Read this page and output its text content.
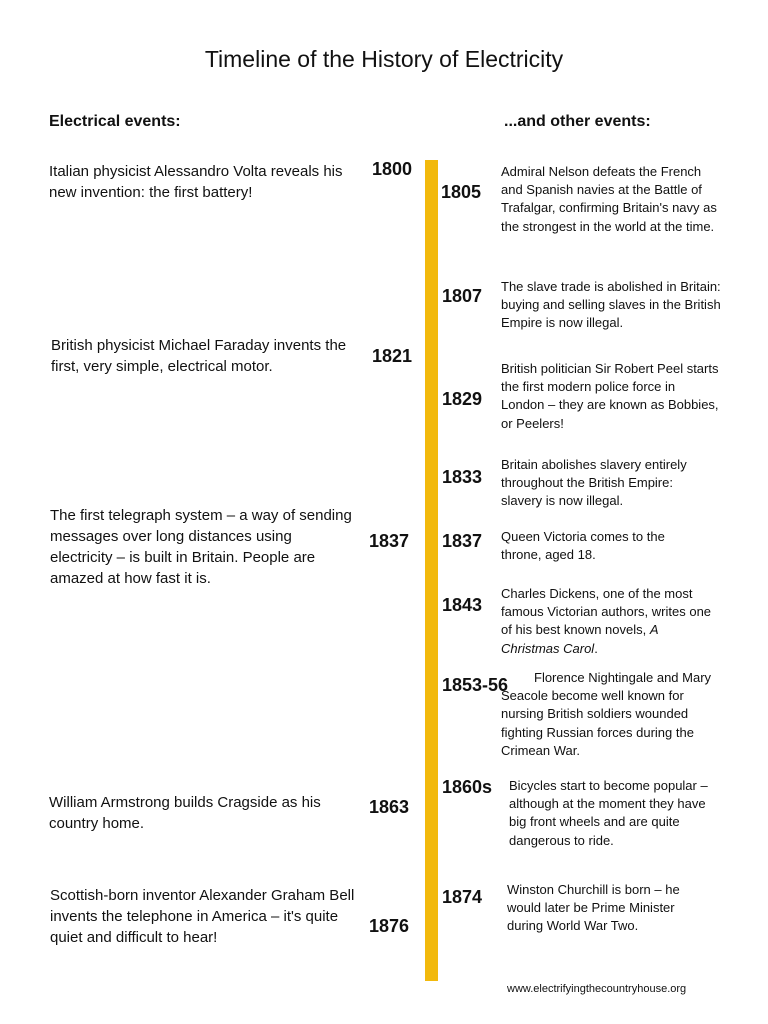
Timeline of the History of Electricity
Electrical events:	...and other events:
Italian physicist Alessandro Volta reveals his new invention: the first battery!
1800
British physicist Michael Faraday invents the first, very simple, electrical motor.
1821
The first telegraph system – a way of sending messages over long distances using electricity – is built in Britain. People are amazed at how fast it is.
1837
William Armstrong builds Cragside as his country home.
1863
Scottish-born inventor Alexander Graham Bell invents the telephone in America – it's quite quiet and difficult to hear!
1876
1805
Admiral Nelson defeats the French and Spanish navies at the Battle of Trafalgar, confirming Britain's navy as the strongest in the world at the time.
1807 The slave trade is abolished in Britain: buying and selling slaves in the British Empire is now illegal.
1829
British politician Sir Robert Peel starts the first modern police force in London – they are known as Bobbies, or Peelers!
1833
Britain abolishes slavery entirely throughout the British Empire: slavery is now illegal.
1837 Queen Victoria comes to the throne, aged 18.
1843
Charles Dickens, one of the most famous Victorian authors, writes one of his best known novels, A Christmas Carol.
1853-56	Florence Nightingale and Mary Seacole become well known for nursing British soldiers wounded fighting Russian forces during the Crimean War.
1860s Bicycles start to become popular – although at the moment they have big front wheels and are quite dangerous to ride.
1874 Winston Churchill is born – he would later be Prime Minister during World War Two.
www.electrifyingthecountryhouse.org
